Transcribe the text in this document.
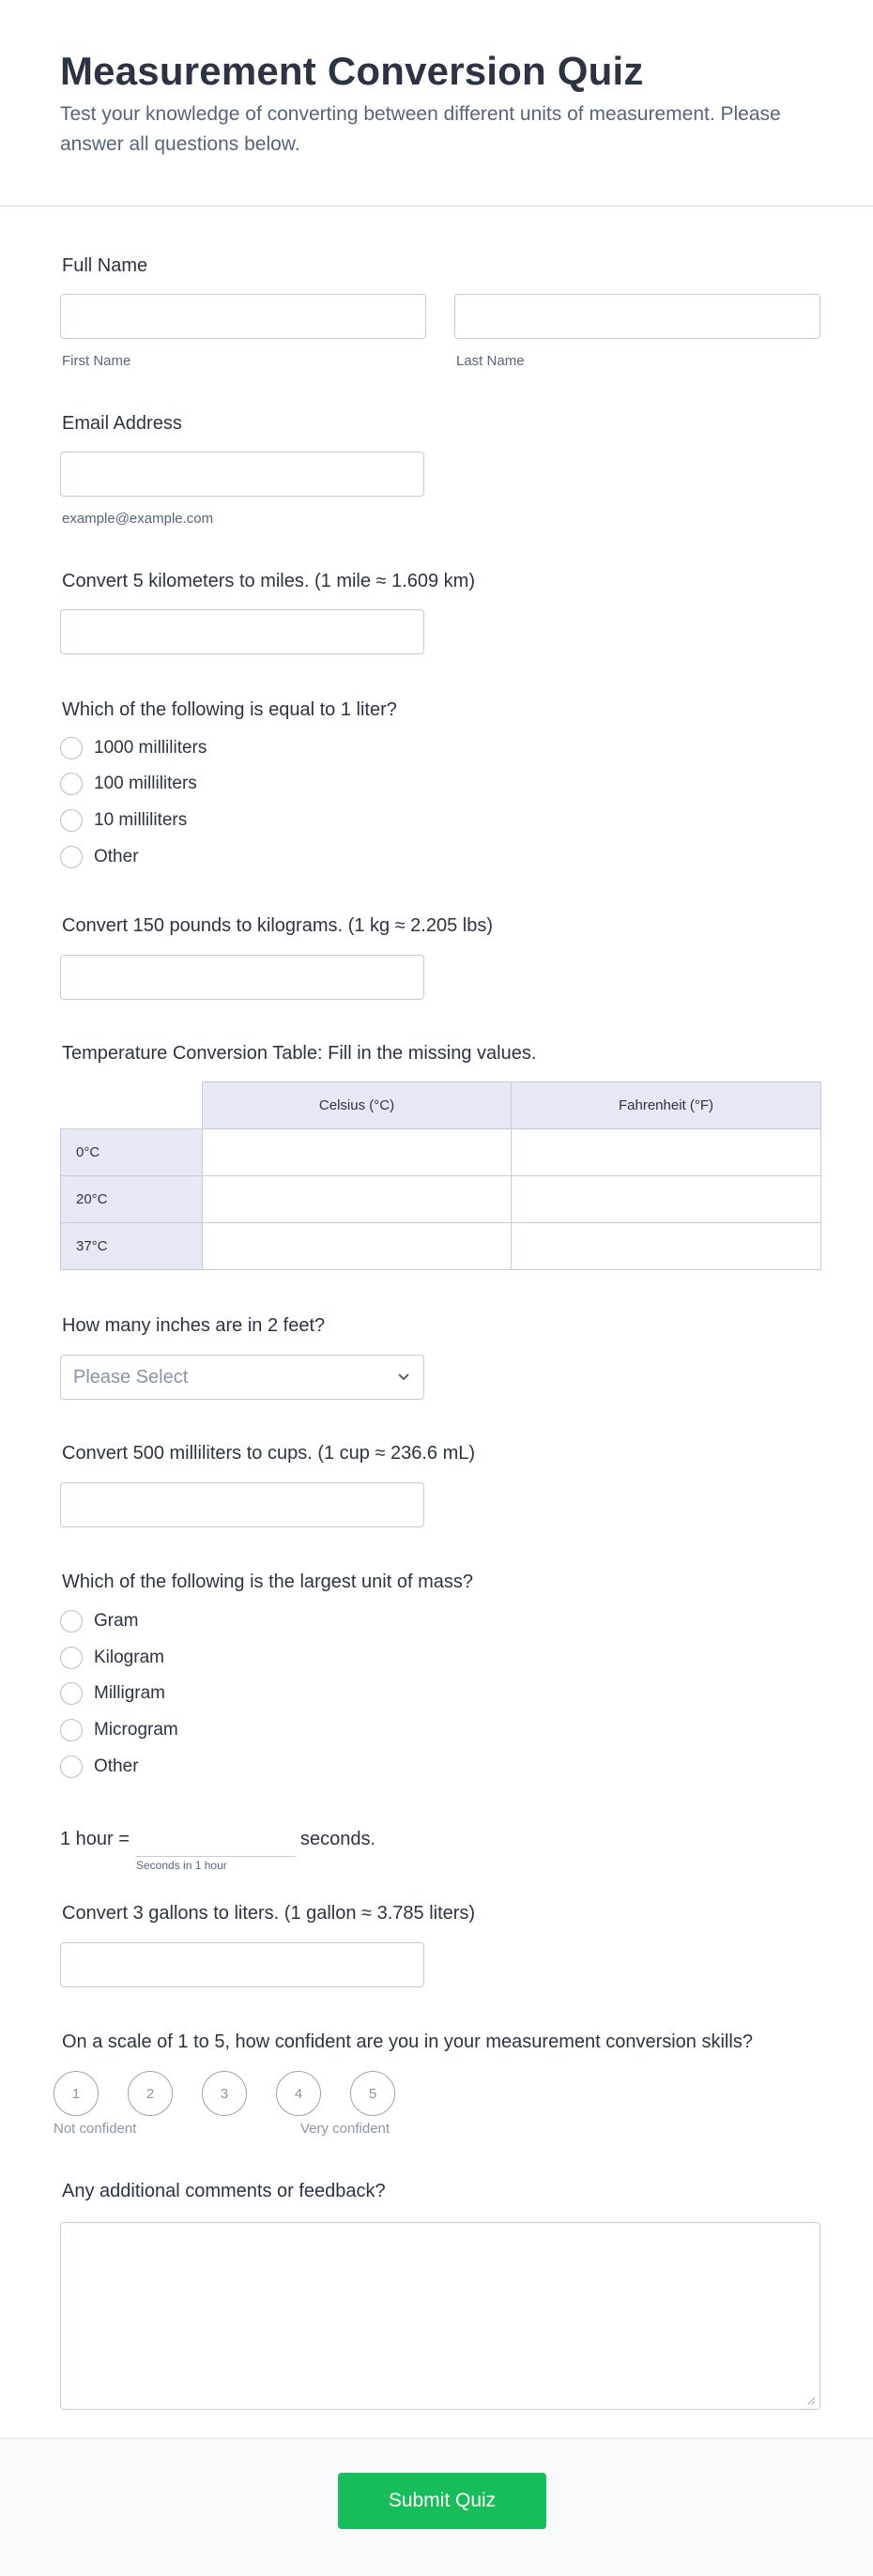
Measurement Conversion Quiz
Test your knowledge of converting between different units of measurement. Please answer all questions below.
Full Name
First Name	Last Name
Email Address
example@example.com
Convert 5 kilometers to miles. (1 mile ≈ 1.609 km)
Which of the following is equal to 1 liter?
1000 milliliters
100 milliliters
10 milliliters
Other
Convert 150 pounds to kilograms. (1 kg ≈ 2.205 lbs)
Temperature Conversion Table: Fill in the missing values.
	Celsius (°C)	Fahrenheit (°F)
0°C		
20°C		
37°C		
How many inches are in 2 feet?
Please Select
Convert 500 milliliters to cups. (1 cup ≈ 236.6 mL)
Which of the following is the largest unit of mass?
Gram
Kilogram
Milligram
Microgram
Other
1 hour =	seconds.
Seconds in 1 hour
Convert 3 gallons to liters. (1 gallon ≈ 3.785 liters)
On a scale of 1 to 5, how confident are you in your measurement conversion skills?
1	2	3	4	5
Not confident	Very confident
Any additional comments or feedback?
Submit Quiz
